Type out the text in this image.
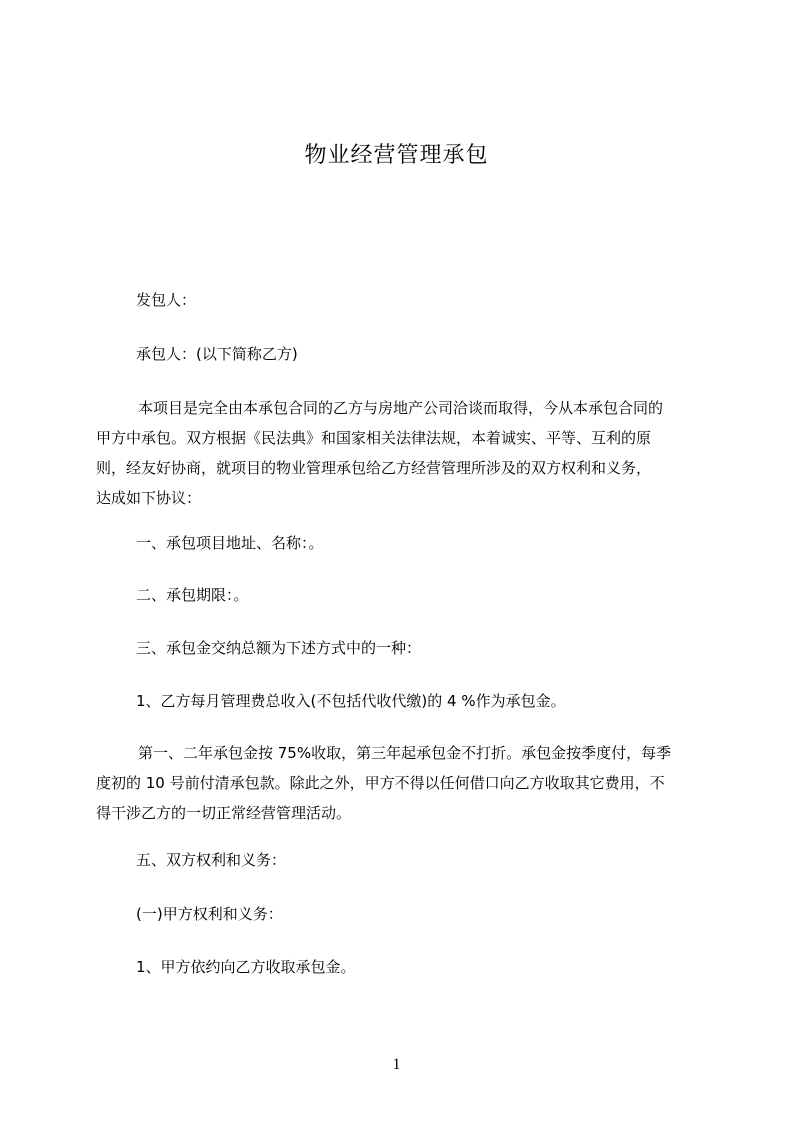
物业经营管理承包
发包人：
承包人：(以下简称乙方)
本项目是完全由本承包合同的乙方与房地产公司洽谈而取得，今从本承包合同的
甲方中承包。双方根据《民法典》和国家相关法律法规，本着诚实、平等、互利的原
则，经友好协商，就项目的物业管理承包给乙方经营管理所涉及的双方权利和义务，
达成如下协议：
一、承包项目地址、名称：。
二、承包期限：。
三、承包金交纳总额为下述方式中的一种：
1、乙方每月管理费总收入(不包括代收代缴)的 4 %作为承包金。
第一、二年承包金按 75%收取，第三年起承包金不打折。承包金按季度付，每季
度初的 10 号前付清承包款。除此之外，甲方不得以任何借口向乙方收取其它费用，不
得干涉乙方的一切正常经营管理活动。
五、双方权利和义务：
(一)甲方权利和义务：
1、甲方依约向乙方收取承包金。
1
